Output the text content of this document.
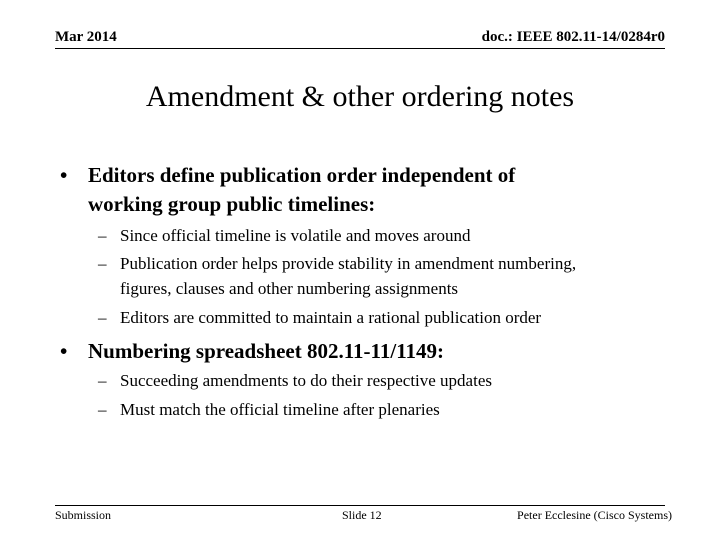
Mar 2014	doc.: IEEE 802.11-14/0284r0
Amendment & other ordering notes
• Editors define publication order independent of
working group public timelines:
– Since official timeline is volatile and moves around
– Publication order helps provide stability in amendment numbering,
figures, clauses and other numbering assignments
– Editors are committed to maintain a rational publication order
• Numbering spreadsheet 802.11-11/1149:
– Succeeding amendments to do their respective updates
– Must match the official timeline after plenaries
Submission	Slide 12	Peter Ecclesine (Cisco Systems)
